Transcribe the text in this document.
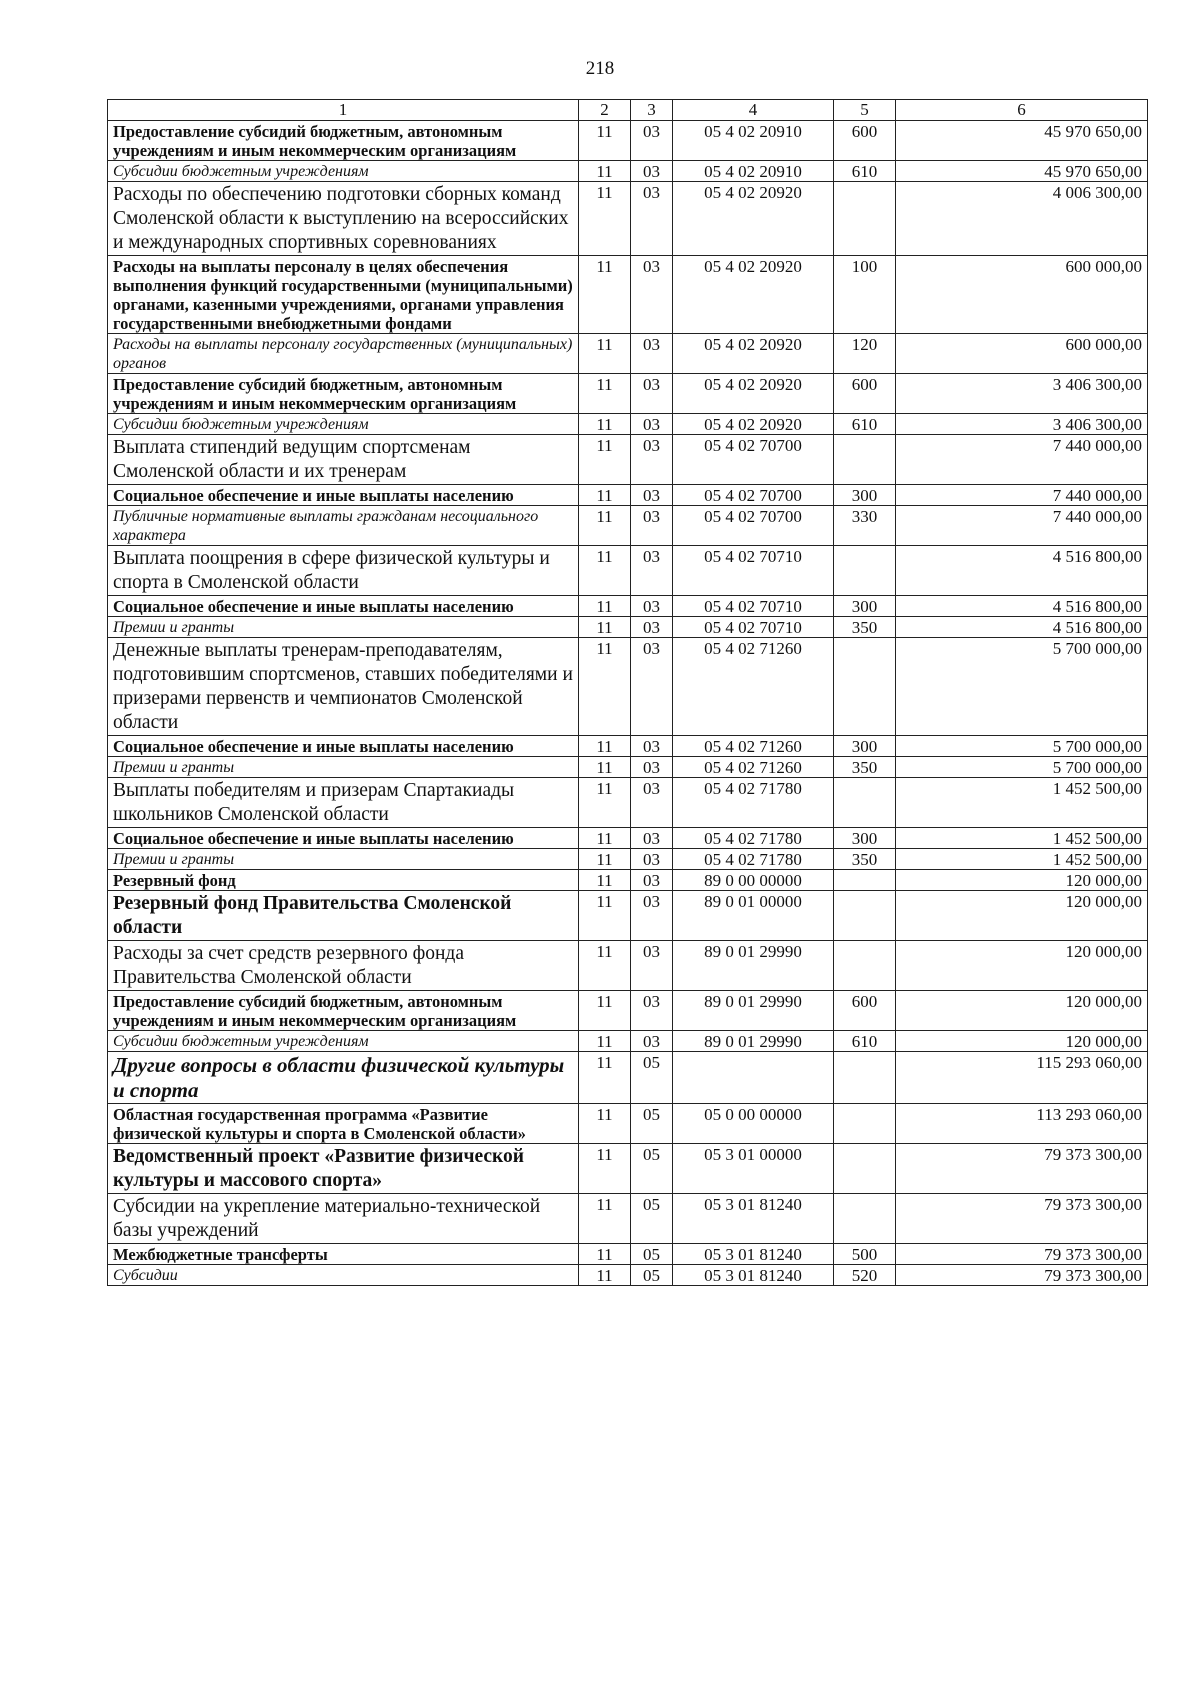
218
1	2	3	4	5	6
Предоставление субсидий бюджетным, автономным учреждениям и иным некоммерческим организациям	11	03	05 4 02 20910	600	45 970 650,00
Субсидии бюджетным учреждениям	11	03	05 4 02 20910	610	45 970 650,00
Расходы по обеспечению подготовки сборных команд Смоленской области к выступлению на всероссийских и международных спортивных соревнованиях	11	03	05 4 02 20920		4 006 300,00
Расходы на выплаты персоналу в целях обеспечения выполнения функций государственными (муниципальными) органами, казенными учреждениями, органами управления государственными внебюджетными фондами	11	03	05 4 02 20920	100	600 000,00
Расходы на выплаты персоналу государственных (муниципальных) органов	11	03	05 4 02 20920	120	600 000,00
Предоставление субсидий бюджетным, автономным учреждениям и иным некоммерческим организациям	11	03	05 4 02 20920	600	3 406 300,00
Субсидии бюджетным учреждениям	11	03	05 4 02 20920	610	3 406 300,00
Выплата стипендий ведущим спортсменам Смоленской области и их тренерам	11	03	05 4 02 70700		7 440 000,00
Социальное обеспечение и иные выплаты населению	11	03	05 4 02 70700	300	7 440 000,00
Публичные нормативные выплаты гражданам несоциального характера	11	03	05 4 02 70700	330	7 440 000,00
Выплата поощрения в сфере физической культуры и спорта в Смоленской области	11	03	05 4 02 70710		4 516 800,00
Социальное обеспечение и иные выплаты населению	11	03	05 4 02 70710	300	4 516 800,00
Премии и гранты	11	03	05 4 02 70710	350	4 516 800,00
Денежные выплаты тренерам-преподавателям, подготовившим спортсменов, ставших победителями и призерами первенств и чемпионатов Смоленской области	11	03	05 4 02 71260		5 700 000,00
Социальное обеспечение и иные выплаты населению	11	03	05 4 02 71260	300	5 700 000,00
Премии и гранты	11	03	05 4 02 71260	350	5 700 000,00
Выплаты победителям и призерам Спартакиады школьников Смоленской области	11	03	05 4 02 71780		1 452 500,00
Социальное обеспечение и иные выплаты населению	11	03	05 4 02 71780	300	1 452 500,00
Премии и гранты	11	03	05 4 02 71780	350	1 452 500,00
Резервный фонд	11	03	89 0 00 00000		120 000,00
Резервный фонд Правительства Смоленской области	11	03	89 0 01 00000		120 000,00
Расходы за счет средств резервного фонда Правительства Смоленской области	11	03	89 0 01 29990		120 000,00
Предоставление субсидий бюджетным, автономным учреждениям и иным некоммерческим организациям	11	03	89 0 01 29990	600	120 000,00
Субсидии бюджетным учреждениям	11	03	89 0 01 29990	610	120 000,00
Другие вопросы в области физической культуры и спорта	11	05			115 293 060,00
Областная государственная программа «Развитие физической культуры и спорта в Смоленской области»	11	05	05 0 00 00000		113 293 060,00
Ведомственный проект «Развитие физической культуры и массового спорта»	11	05	05 3 01 00000		79 373 300,00
Субсидии на укрепление материально-технической базы учреждений	11	05	05 3 01 81240		79 373 300,00
Межбюджетные трансферты	11	05	05 3 01 81240	500	79 373 300,00
Субсидии	11	05	05 3 01 81240	520	79 373 300,00
